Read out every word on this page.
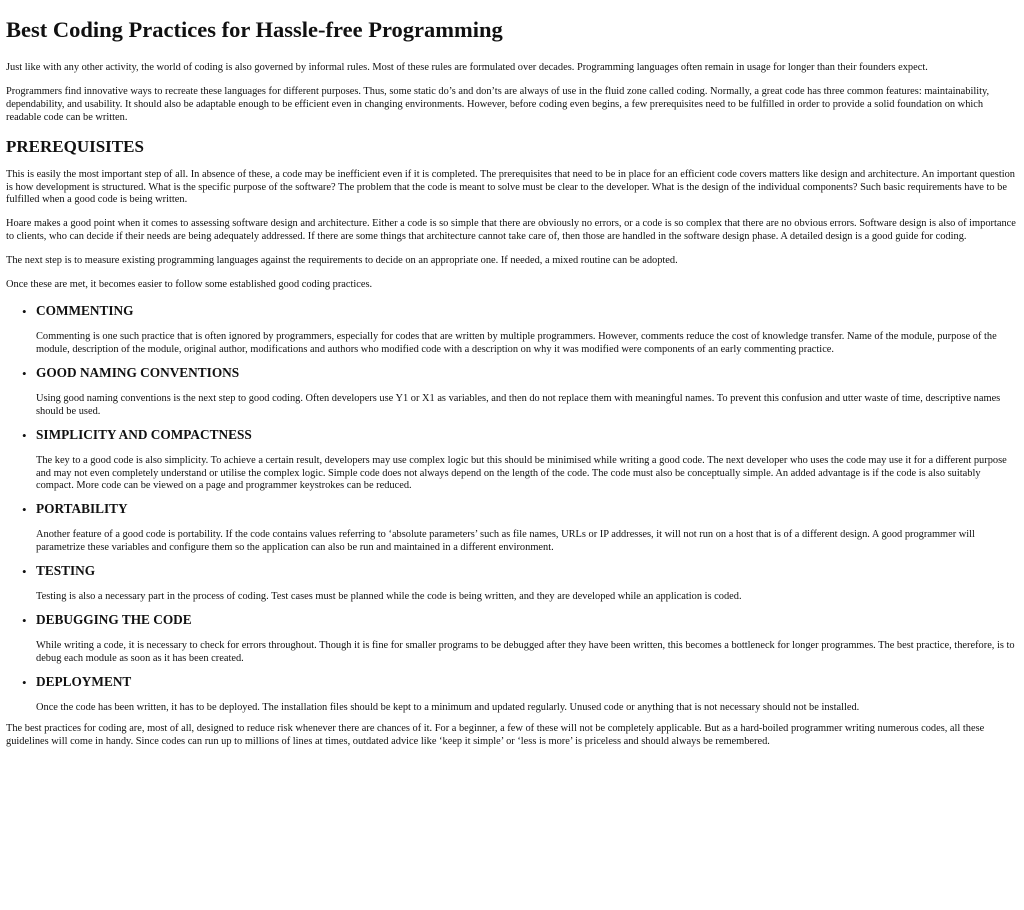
Best Coding Practices for Hassle-free Programming

Just like with any other activity, the world of coding is also governed by informal rules. Most of these rules are formulated over decades. Programming languages often remain in usage for longer than their founders expect.

Programmers find innovative ways to recreate these languages for different purposes. Thus, some static do’s and don’ts are always of use in the fluid zone called coding. Normally, a great code has three common features: maintainability, dependability, and usability. It should also be adaptable enough to be efficient even in changing environments. However, before coding even begins, a few prerequisites need to be fulfilled in order to provide a solid foundation on which readable code can be written.

PREREQUISITES

This is easily the most important step of all. In absence of these, a code may be inefficient even if it is completed. The prerequisites that need to be in place for an efficient code covers matters like design and architecture. An important question is how development is structured. What is the specific purpose of the software? The problem that the code is meant to solve must be clear to the developer. What is the design of the individual components? Such basic requirements have to be fulfilled when a good code is being written.

Hoare makes a good point when it comes to assessing software design and architecture. Either a code is so simple that there are obviously no errors, or a code is so complex that there are no obvious errors. Software design is also of importance to clients, who can decide if their needs are being adequately addressed. If there are some things that architecture cannot take care of, then those are handled in the software design phase. A detailed design is a good guide for coding.

The next step is to measure existing programming languages against the requirements to decide on an appropriate one. If needed, a mixed routine can be adopted.

Once these are met, it becomes easier to follow some established good coding practices.

• COMMENTING

Commenting is one such practice that is often ignored by programmers, especially for codes that are written by multiple programmers. However, comments reduce the cost of knowledge transfer. Name of the module, purpose of the module, description of the module, original author, modifications and authors who modified code with a description on why it was modified were components of an early commenting practice.

• GOOD NAMING CONVENTIONS

Using good naming conventions is the next step to good coding. Often developers use Y1 or X1 as variables, and then do not replace them with meaningful names. To prevent this confusion and utter waste of time, descriptive names should be used.

• SIMPLICITY AND COMPACTNESS

The key to a good code is also simplicity. To achieve a certain result, developers may use complex logic but this should be minimised while writing a good code. The next developer who uses the code may use it for a different purpose and may not even completely understand or utilise the complex logic. Simple code does not always depend on the length of the code. The code must also be conceptually simple. An added advantage is if the code is also suitably compact. More code can be viewed on a page and programmer keystrokes can be reduced.

• PORTABILITY

Another feature of a good code is portability. If the code contains values referring to ‘absolute parameters’ such as file names, URLs or IP addresses, it will not run on a host that is of a different design. A good programmer will parametrize these variables and configure them so the application can also be run and maintained in a different environment.

• TESTING

Testing is also a necessary part in the process of coding. Test cases must be planned while the code is being written, and they are developed while an application is coded.

• DEBUGGING THE CODE

While writing a code, it is necessary to check for errors throughout. Though it is fine for smaller programs to be debugged after they have been written, this becomes a bottleneck for longer programmes. The best practice, therefore, is to debug each module as soon as it has been created.

• DEPLOYMENT

Once the code has been written, it has to be deployed. The installation files should be kept to a minimum and updated regularly. Unused code or anything that is not necessary should not be installed.

The best practices for coding are, most of all, designed to reduce risk whenever there are chances of it. For a beginner, a few of these will not be completely applicable. But as a hard-boiled programmer writing numerous codes, all these guidelines will come in handy. Since codes can run up to millions of lines at times, outdated advice like ‘keep it simple’ or ‘less is more’ is priceless and should always be remembered.
